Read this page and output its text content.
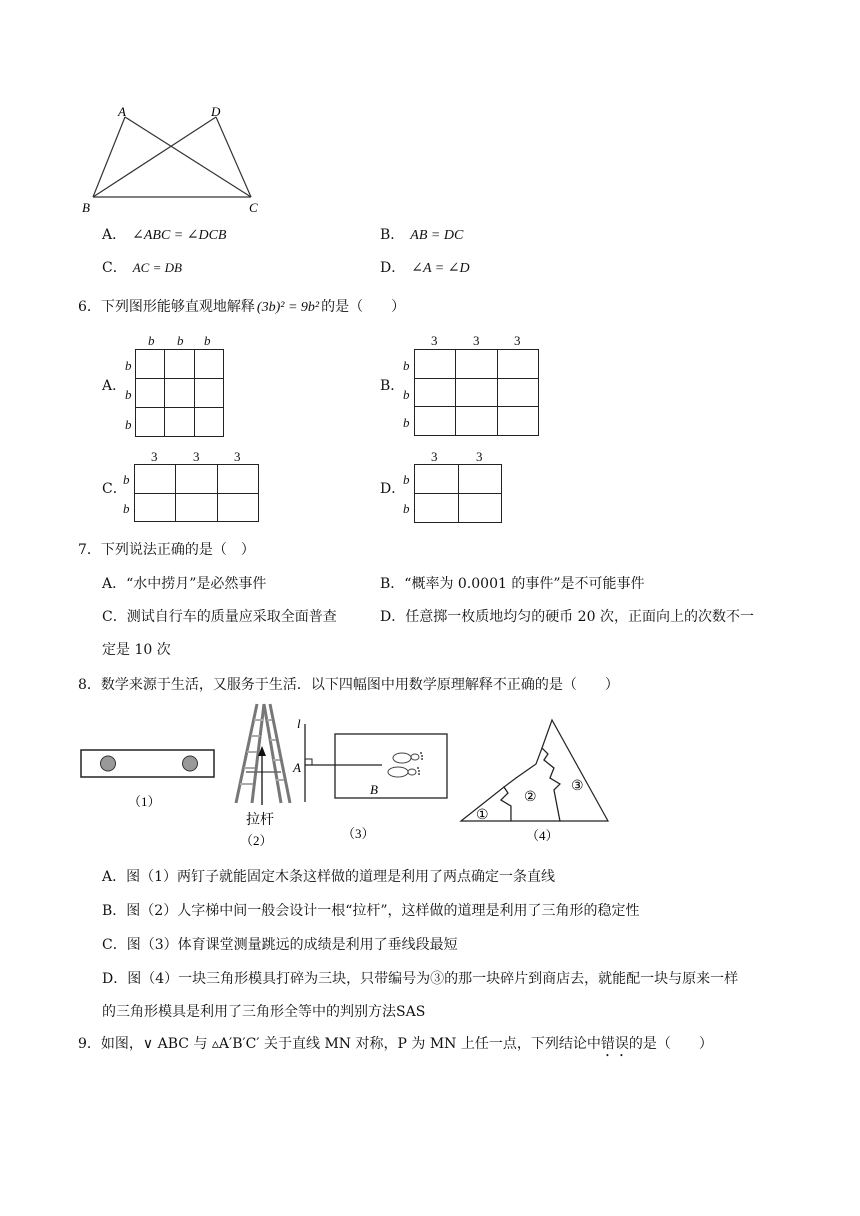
A	D
B	C
A． ∠ABC = ∠DCB	B． AB = DC
C． AC = DB	D． ∠A = ∠D
6．下列图形能够直观地解释 (3b)² = 9b² 的是（　　）
A．
b b b
b
b
b

B．
3	3	3
b
b
b

C．
3	3	3
b
b

D．
3	3
b
b

7．下列说法正确的是（　）
A．“水中捞月”是必然事件	B．“概率为 0.0001 的事件”是不可能事件
C．测试自行车的质量应采取全面普查	D．任意掷一枚质地均匀的硬币 20 次，正面向上的次数不一
定是 10 次
8．数学来源于生活，又服务于生活．以下四幅图中用数学原理解释不正确的是（　　）
（1）
拉杆
（2）
l
A
B
（3）
①
②
③
（4）
A．图（1）两钉子就能固定木条这样做的道理是利用了两点确定一条直线
B．图（2）人字梯中间一般会设计一根“拉杆”，这样做的道理是利用了三角形的稳定性
C．图（3）体育课堂测量跳远的成绩是利用了垂线段最短
D．图（4）一块三角形模具打碎为三块，只带编号为③的那一块碎片到商店去，就能配一块与原来一样
的三角形模具是利用了三角形全等中的判别方法SAS
9．如图，∨ ABC 与 ▵A′B′C′ 关于直线 MN 对称，P 为 MN 上任一点，下列结论中错误的是（　　）
